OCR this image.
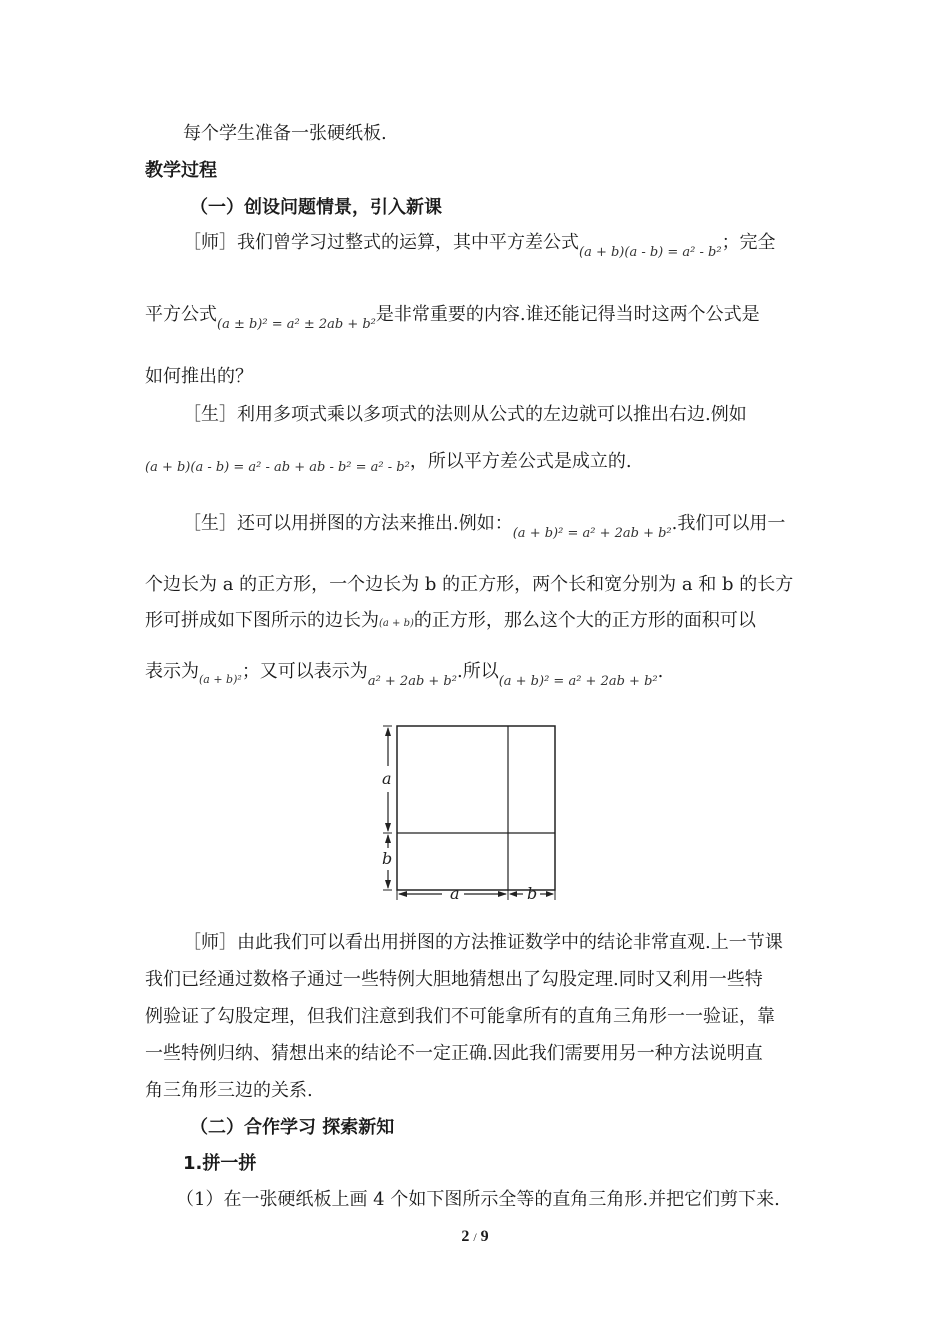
每个学生准备一张硬纸板.
教学过程
（一）创设问题情景，引入新课
［师］我们曾学习过整式的运算，其中平方差公式(a + b)(a - b) = a² - b²；完全
平方公式(a ± b)² = a² ± 2ab + b²是非常重要的内容.谁还能记得当时这两个公式是
如何推出的？
［生］利用多项式乘以多项式的法则从公式的左边就可以推出右边.例如
(a + b)(a - b) = a² - ab + ab - b² = a² - b²，所以平方差公式是成立的.
［生］还可以用拼图的方法来推出.例如：(a + b)² = a² + 2ab + b².我们可以用一
个边长为 a 的正方形，一个边长为 b 的正方形，两个长和宽分别为 a 和 b 的长方
形可拼成如下图所示的边长为(a + b)的正方形，那么这个大的正方形的面积可以
表示为(a + b)²；又可以表示为a² + 2ab + b².所以(a + b)² = a² + 2ab + b².
a
b
a	b
［师］由此我们可以看出用拼图的方法推证数学中的结论非常直观.上一节课
我们已经通过数格子通过一些特例大胆地猜想出了勾股定理.同时又利用一些特
例验证了勾股定理，但我们注意到我们不可能拿所有的直角三角形一一验证，靠
一些特例归纳、猜想出来的结论不一定正确.因此我们需要用另一种方法说明直
角三角形三边的关系.
（二）合作学习 探索新知
1.拼一拼
（1）在一张硬纸板上画 4 个如下图所示全等的直角三角形.并把它们剪下来.
2 / 9
